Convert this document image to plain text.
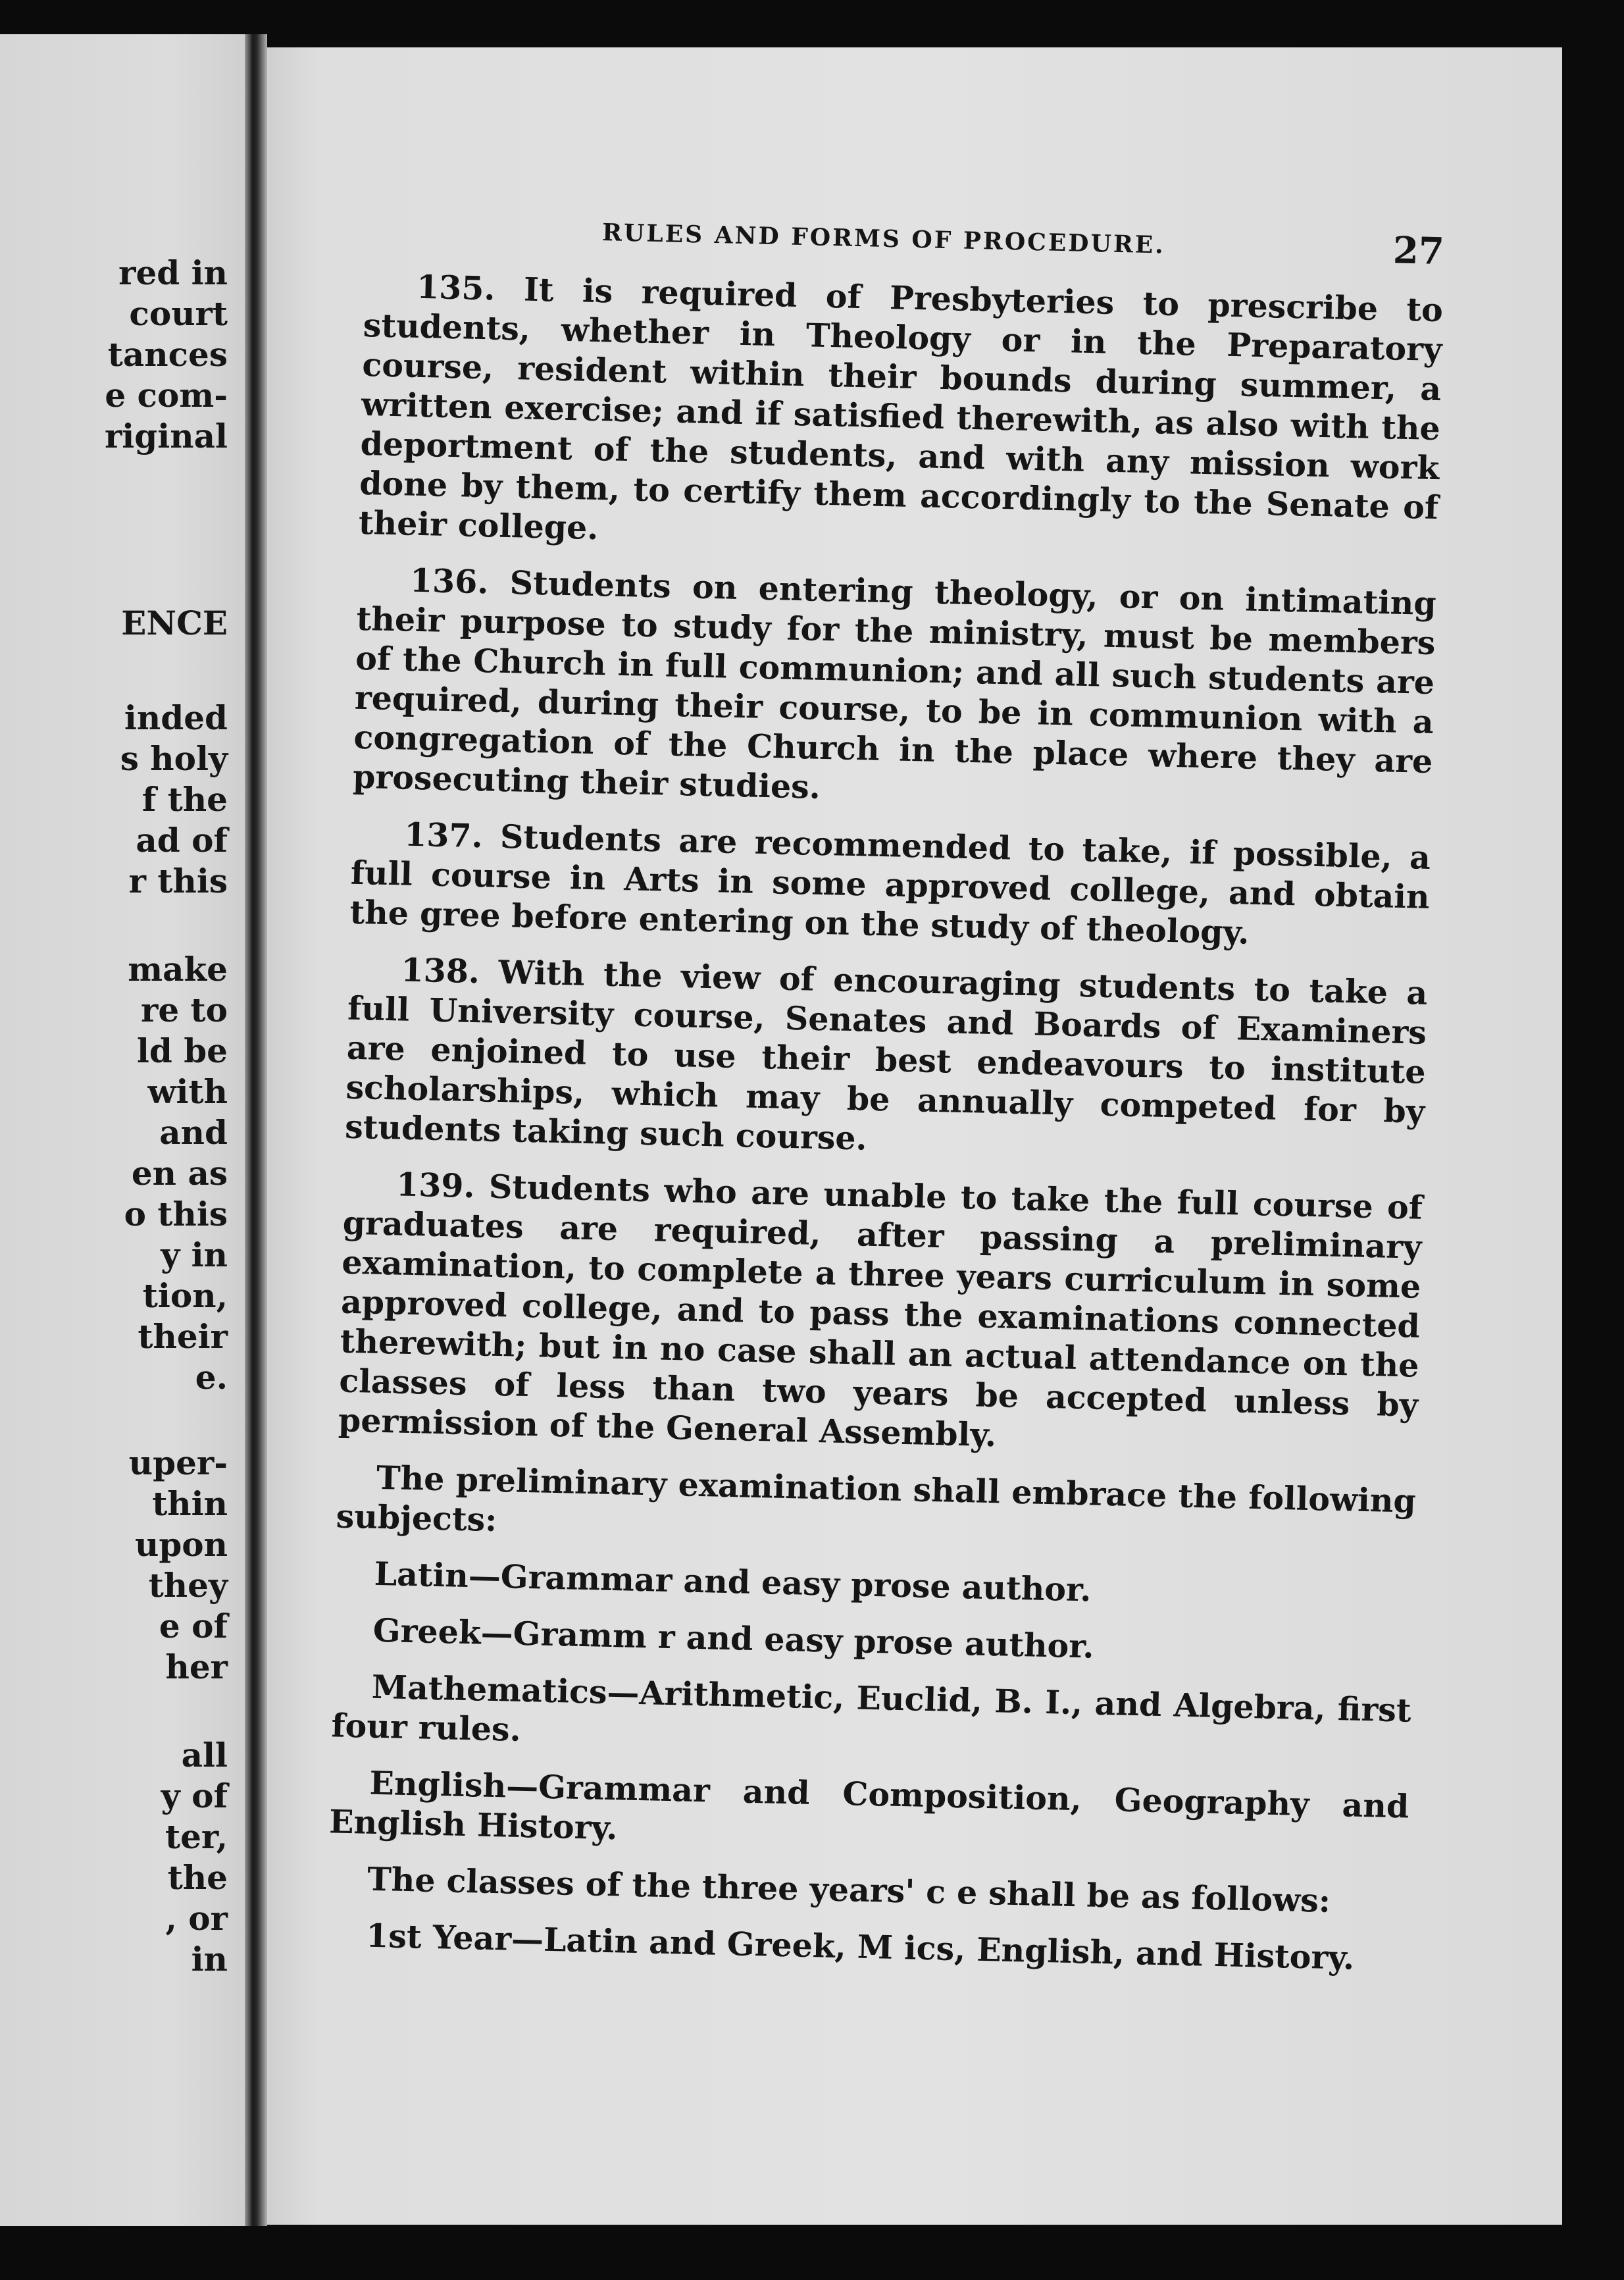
red in

court

tances

e com-

riginal

ENCE

inded

s holy

f the

ad of

r this

make

re to

ld be

with

and

en as

o this

y in

tion,

their

e.

uper-

thin

upon

they

e of

her

all

y of

ter,

the

, or

in

RULES AND FORMS OF PROCEDURE.	27

135. It is required of Presbyteries to prescribe to students, whether in Theology or in the Preparatory course, resident within their bounds during summer, a written exercise; and if satisfied therewith, as also with the deportment of the students, and with any mission work done by them, to certify them accordingly to the Senate of their college.

136. Students on entering theology, or on intimating their purpose to study for the ministry, must be members of the Church in full communion; and all such students are required, during their course, to be in communion with a congregation of the Church in the place where they are prosecuting their studies.

137. Students are recommended to take, if possible, a full course in Arts in some approved college, and obtain the gree before entering on the study of theology.

138. With the view of encouraging students to take a full University course, Senates and Boards of Examiners are enjoined to use their best endeavours to institute scholarships, which may be annually competed for by students taking such course.

139. Students who are unable to take the full course of graduates are required, after passing a preliminary examination, to complete a three years curriculum in some approved college, and to pass the examinations connected therewith; but in no case shall an actual attendance on the classes of less than two years be accepted unless by permission of the General Assembly.

The preliminary examination shall embrace the following subjects:

Latin—Grammar and easy prose author.

Greek—Gramm r and easy prose author.

Mathematics—Arithmetic, Euclid, B. I., and Algebra, first four rules.

English—Grammar and Composition, Geography and English History.

The classes of the three years' c e shall be as follows:

1st Year—Latin and Greek, M ics, English, and History.
